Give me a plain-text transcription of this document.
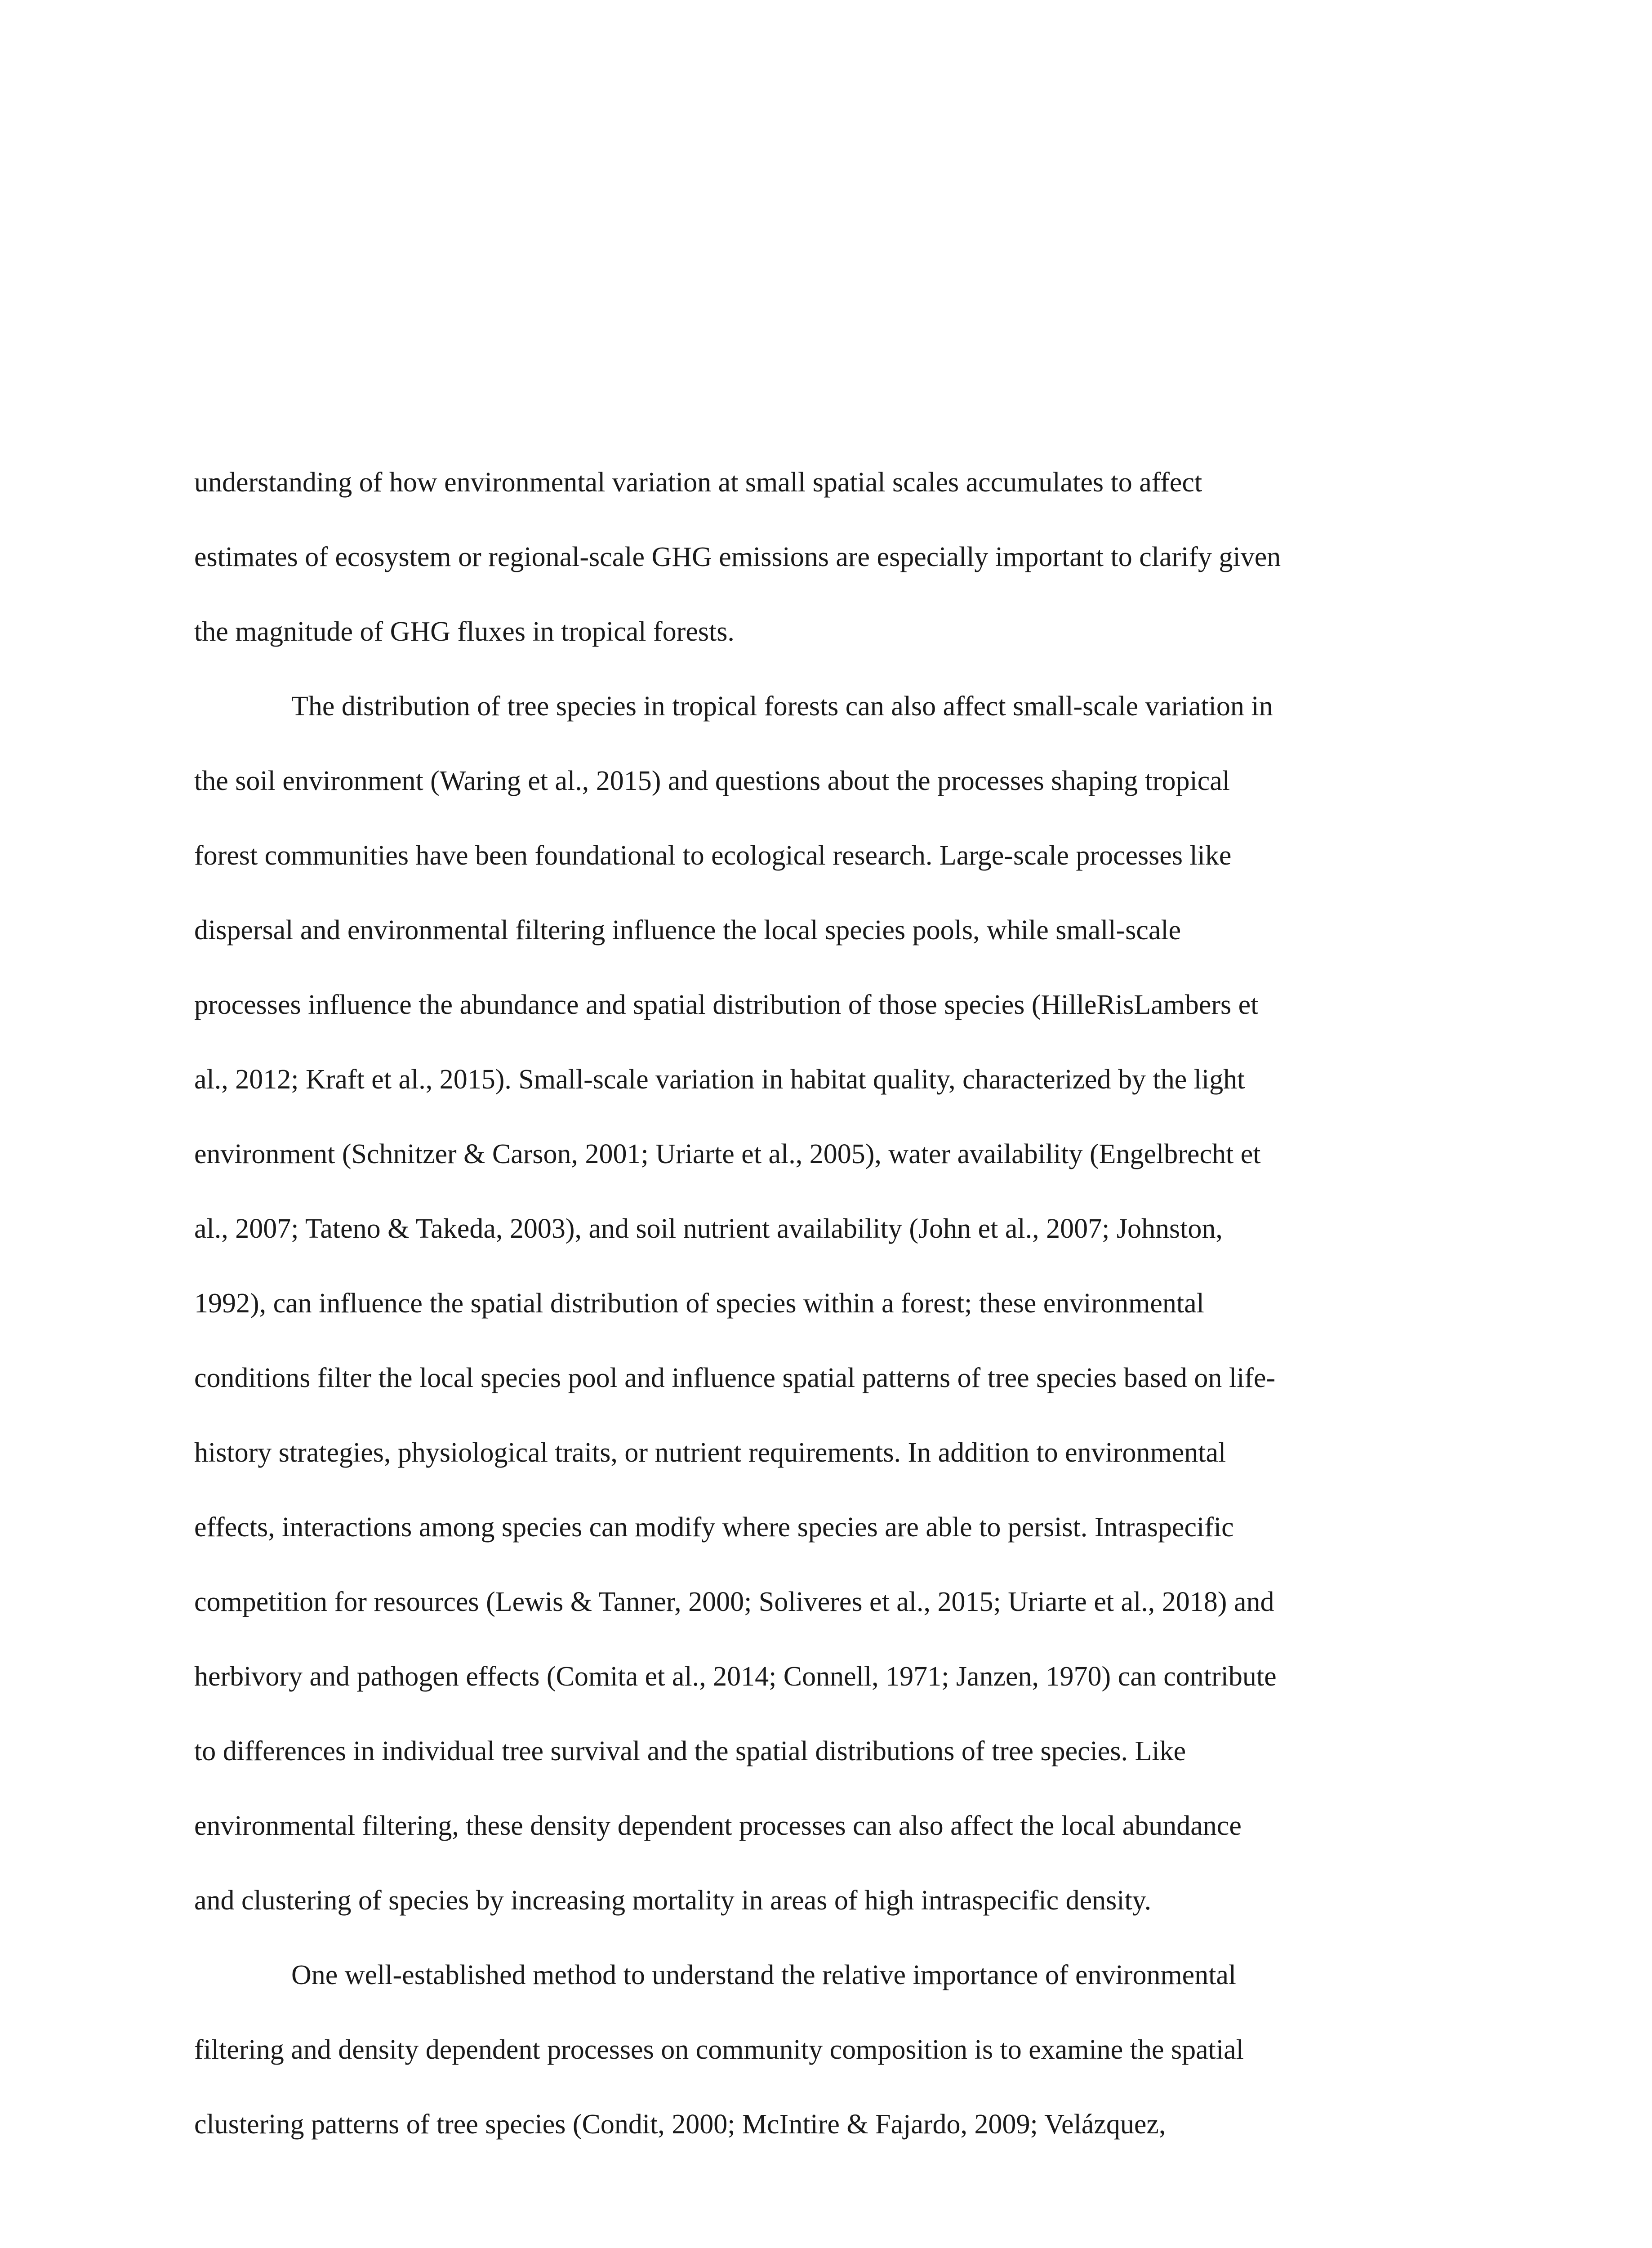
understanding of how environmental variation at small spatial scales accumulates to affect
estimates of ecosystem or regional-scale GHG emissions are especially important to clarify given
the magnitude of GHG fluxes in tropical forests.

The distribution of tree species in tropical forests can also affect small-scale variation in
the soil environment (Waring et al., 2015) and questions about the processes shaping tropical
forest communities have been foundational to ecological research. Large-scale processes like
dispersal and environmental filtering influence the local species pools, while small-scale
processes influence the abundance and spatial distribution of those species (HilleRisLambers et
al., 2012; Kraft et al., 2015). Small-scale variation in habitat quality, characterized by the light
environment (Schnitzer & Carson, 2001; Uriarte et al., 2005), water availability (Engelbrecht et
al., 2007; Tateno & Takeda, 2003), and soil nutrient availability (John et al., 2007; Johnston,
1992), can influence the spatial distribution of species within a forest; these environmental
conditions filter the local species pool and influence spatial patterns of tree species based on life-
history strategies, physiological traits, or nutrient requirements. In addition to environmental
effects, interactions among species can modify where species are able to persist. Intraspecific
competition for resources (Lewis & Tanner, 2000; Soliveres et al., 2015; Uriarte et al., 2018) and
herbivory and pathogen effects (Comita et al., 2014; Connell, 1971; Janzen, 1970) can contribute
to differences in individual tree survival and the spatial distributions of tree species. Like
environmental filtering, these density dependent processes can also affect the local abundance
and clustering of species by increasing mortality in areas of high intraspecific density.

One well-established method to understand the relative importance of environmental
filtering and density dependent processes on community composition is to examine the spatial
clustering patterns of tree species (Condit, 2000; McIntire & Fajardo, 2009; Velázquez,
